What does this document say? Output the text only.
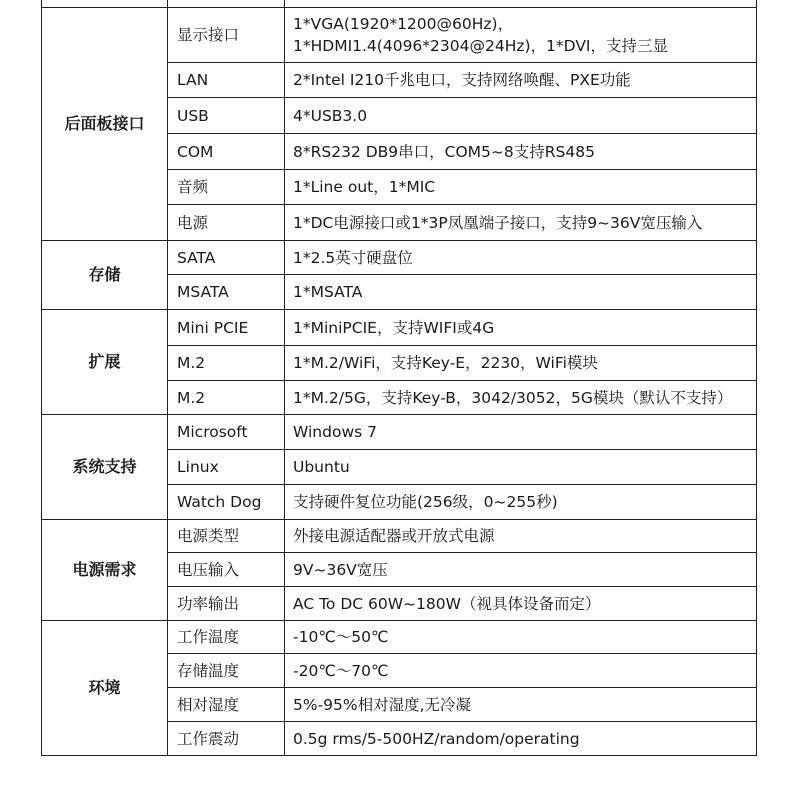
后面板接口	显示接口	1*VGA(1920*1200@60Hz)，
1*HDMI1.4(4096*2304@24Hz)，1*DVI，支持三显

	LAN	2*Intel I210千兆电口，支持网络唤醒、PXE功能

	USB	4*USB3.0

	COM	8*RS232 DB9串口，COM5~8支持RS485

	音频	1*Line out，1*MIC

	电源	1*DC电源接口或1*3P凤凰端子接口，支持9~36V宽压输入

存储	SATA	1*2.5英寸硬盘位

	MSATA	1*MSATA

扩展	Mini PCIE	1*MiniPCIE，支持WIFI或4G

	M.2	1*M.2/WiFi，支持Key-E，2230，WiFi模块

	M.2	1*M.2/5G，支持Key-B，3042/3052，5G模块（默认不支持）

系统支持	Microsoft	Windows 7

	Linux	Ubuntu

	Watch Dog	支持硬件复位功能(256级，0~255秒)

电源需求	电源类型	外接电源适配器或开放式电源

	电压输入	9V~36V宽压

	功率输出	AC To DC 60W~180W（视具体设备而定）

环境	工作温度	-10℃～50℃

	存储温度	-20℃～70℃

	相对湿度	5%-95%相对湿度,无冷凝

	工作震动	0.5g rms/5-500HZ/random/operating
